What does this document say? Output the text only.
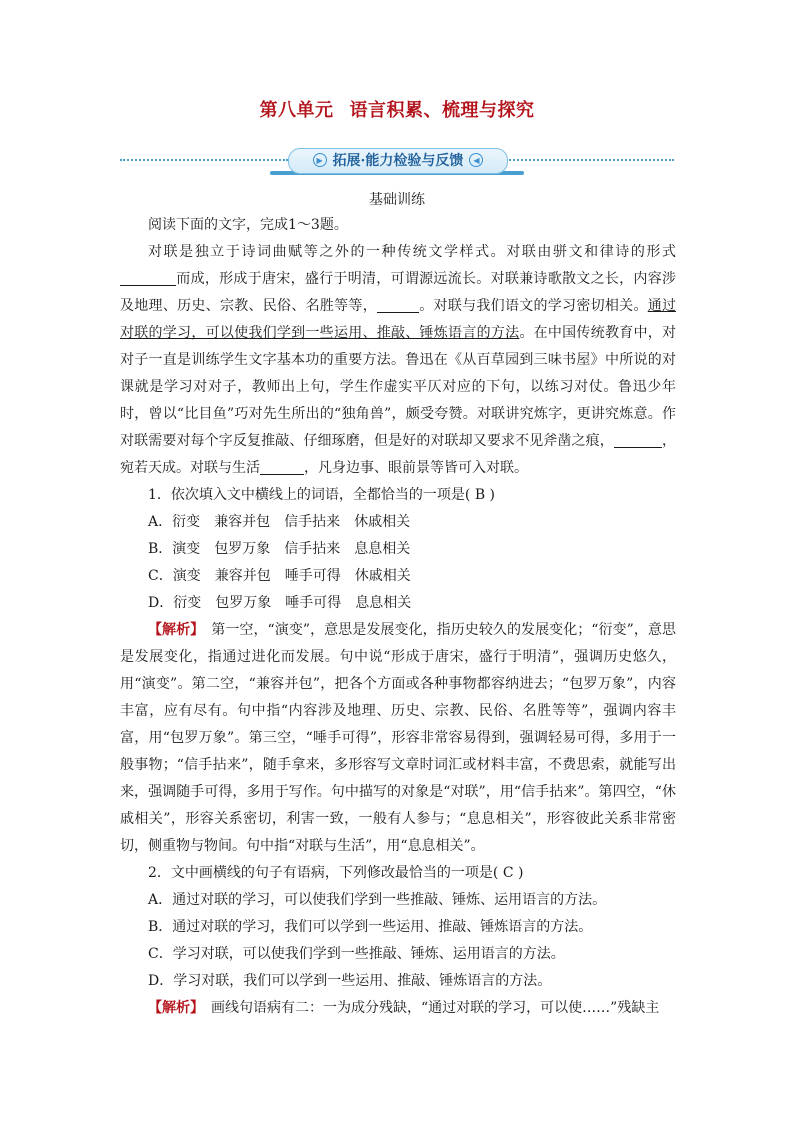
第八单元 语言积累、梳理与探究
▶ 拓展·能力检验与反馈 ◀
基础训练

阅读下面的文字，完成1～3题。

对联是独立于诗词曲赋等之外的一种传统文学样式。对联由骈文和律诗的形式而成，形成于唐宋，盛行于明清，可谓源远流长。对联兼诗歌散文之长，内容涉及地理、历史、宗教、民俗、名胜等等，	。对联与我们语文的学习密切相关。通过对联的学习，可以使我们学到一些运用、推敲、锤炼语言的方法。在中国传统教育中，对对子一直是训练学生文字基本功的重要方法。鲁迅在《从百草园到三味书屋》中所说的对课就是学习对对子，教师出上句，学生作虚实平仄对应的下句，以练习对仗。鲁迅少年时，曾以“比目鱼”巧对先生所出的“独角兽”，颇受夸赞。对联讲究炼字，更讲究炼意。作对联需要对每个字反复推敲、仔细琢磨，但是好的对联却又要求不见斧凿之痕，	，宛若天成。对联与生活	，凡身边事、眼前景等皆可入对联。

1．依次填入文中横线上的词语，全都恰当的一项是( B )

A．衍变　兼容并包　信手拈来　休戚相关

B．演变　包罗万象　信手拈来　息息相关

C．演变　兼容并包　唾手可得　休戚相关

D．衍变　包罗万象　唾手可得　息息相关

【解析】　第一空，“演变”，意思是发展变化，指历史较久的发展变化；“衍变”，意思是发展变化，指通过进化而发展。句中说“形成于唐宋，盛行于明清”，强调历史悠久，用“演变”。第二空，“兼容并包”，把各个方面或各种事物都容纳进去；“包罗万象”，内容丰富，应有尽有。句中指“内容涉及地理、历史、宗教、民俗、名胜等等”，强调内容丰富，用“包罗万象”。第三空，“唾手可得”，形容非常容易得到，强调轻易可得，多用于一般事物；“信手拈来”，随手拿来，多形容写文章时词汇或材料丰富，不费思索，就能写出来，强调随手可得，多用于写作。句中描写的对象是“对联”，用“信手拈来”。第四空，“休戚相关”，形容关系密切，利害一致，一般有人参与；“息息相关”，形容彼此关系非常密切，侧重物与物间。句中指“对联与生活”，用“息息相关”。

2．文中画横线的句子有语病，下列修改最恰当的一项是( C )

A．通过对联的学习，可以使我们学到一些推敲、锤炼、运用语言的方法。

B．通过对联的学习，我们可以学到一些运用、推敲、锤炼语言的方法。

C．学习对联，可以使我们学到一些推敲、锤炼、运用语言的方法。

D．学习对联，我们可以学到一些运用、推敲、锤炼语言的方法。

【解析】　画线句语病有二：一为成分残缺，“通过对联的学习，可以使……”残缺主
